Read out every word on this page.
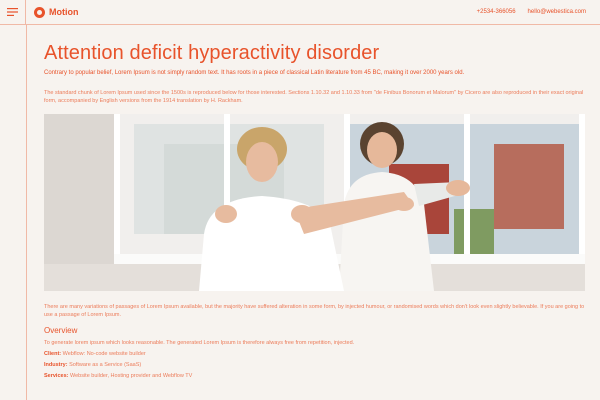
Motion	+2534-366056 hello@webestica.com
Attention deficit hyperactivity disorder

Contrary to popular belief, Lorem Ipsum is not simply random text. It has roots in a piece of classical Latin literature from 45 BC, making it over 2000 years old.

The standard chunk of Lorem Ipsum used since the 1500s is reproduced below for those interested. Sections 1.10.32 and 1.10.33 from "de Finibus Bonorum et Malorum" by Cicero are also reproduced in their exact original form, accompanied by English versions from the 1914 translation by H. Rackham.

There are many variations of passages of Lorem Ipsum available, but the majority have suffered alteration in some form, by injected humour, or randomised words which don't look even slightly believable. If you are going to use a passage of Lorem Ipsum.

Overview

To generate lorem ipsum which looks reasonable. The generated Lorem Ipsum is therefore always free from repetition, injected.

Client: Webflow: No-code website builder
Industry: Software as a Service (SaaS)
Services: Website builder, Hosting provider and Webflow TV
